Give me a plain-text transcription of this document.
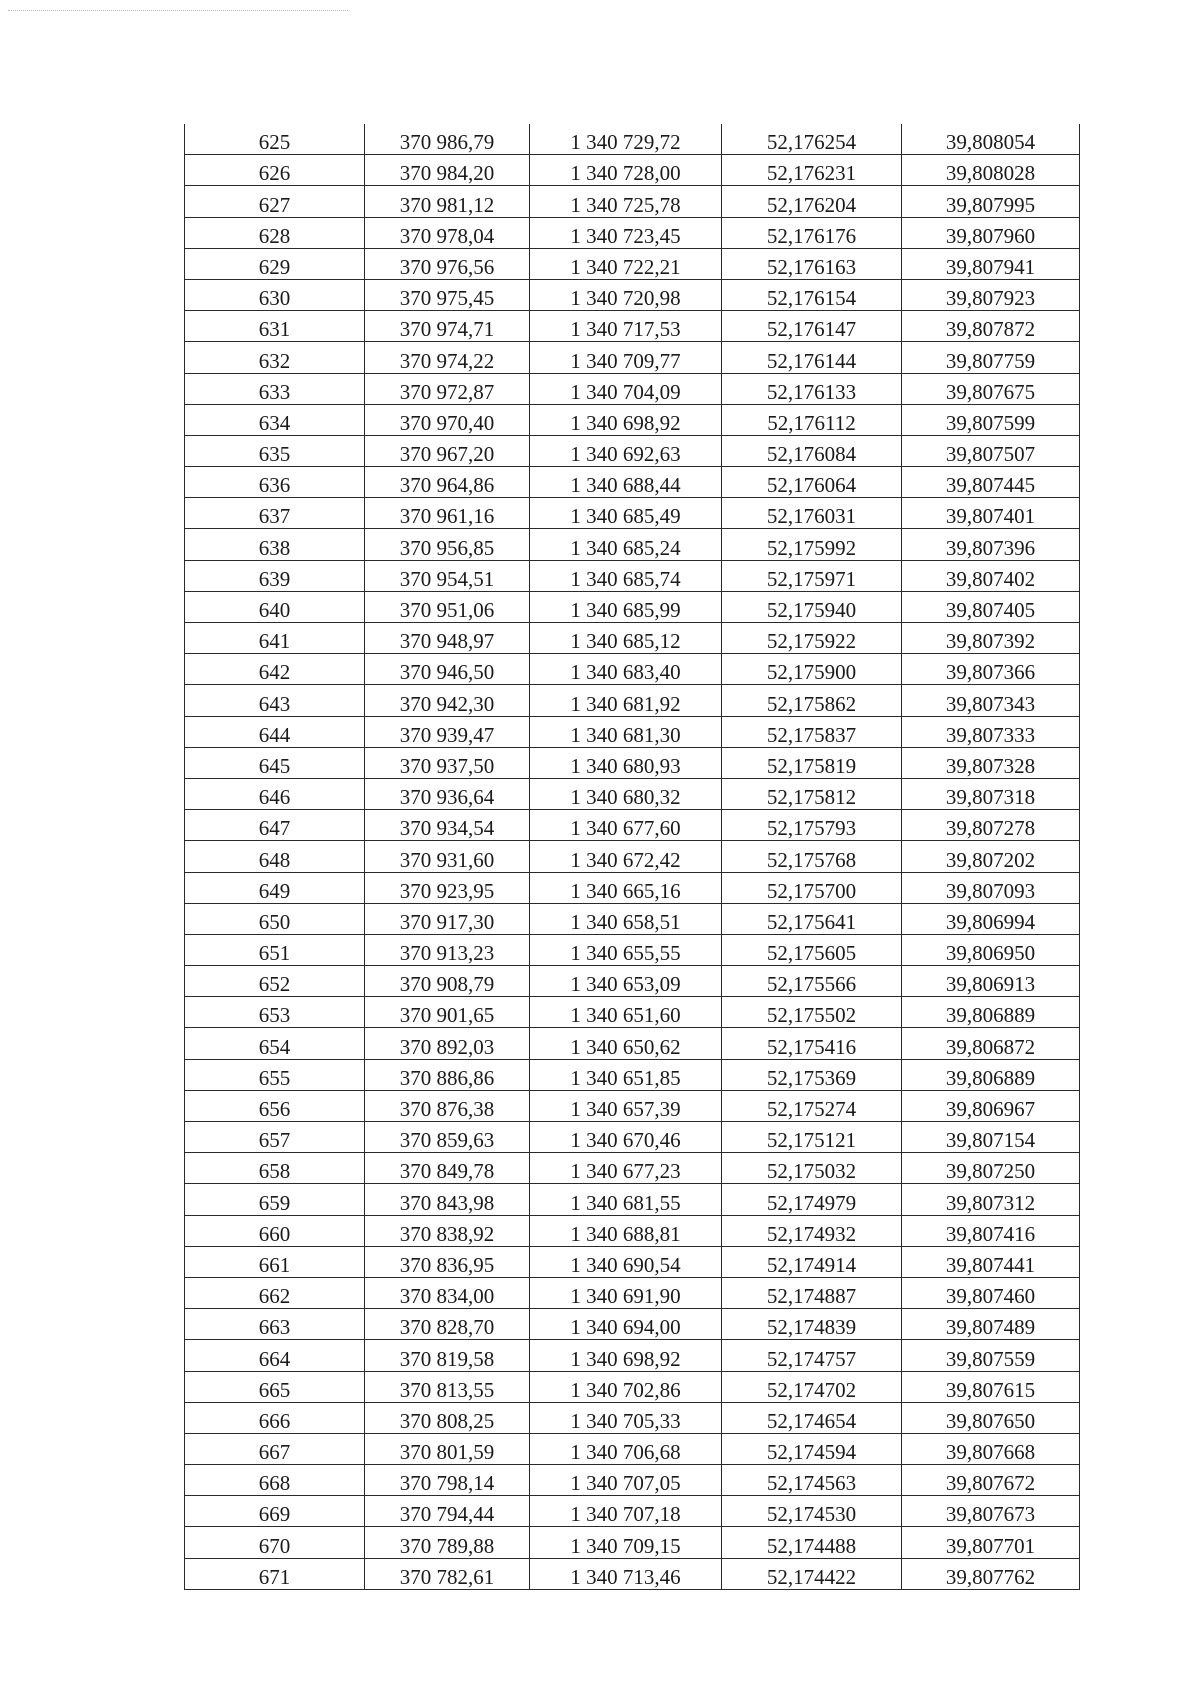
625	370 986,79	1 340 729,72	52,176254	39,808054
626	370 984,20	1 340 728,00	52,176231	39,808028
627	370 981,12	1 340 725,78	52,176204	39,807995
628	370 978,04	1 340 723,45	52,176176	39,807960
629	370 976,56	1 340 722,21	52,176163	39,807941
630	370 975,45	1 340 720,98	52,176154	39,807923
631	370 974,71	1 340 717,53	52,176147	39,807872
632	370 974,22	1 340 709,77	52,176144	39,807759
633	370 972,87	1 340 704,09	52,176133	39,807675
634	370 970,40	1 340 698,92	52,176112	39,807599
635	370 967,20	1 340 692,63	52,176084	39,807507
636	370 964,86	1 340 688,44	52,176064	39,807445
637	370 961,16	1 340 685,49	52,176031	39,807401
638	370 956,85	1 340 685,24	52,175992	39,807396
639	370 954,51	1 340 685,74	52,175971	39,807402
640	370 951,06	1 340 685,99	52,175940	39,807405
641	370 948,97	1 340 685,12	52,175922	39,807392
642	370 946,50	1 340 683,40	52,175900	39,807366
643	370 942,30	1 340 681,92	52,175862	39,807343
644	370 939,47	1 340 681,30	52,175837	39,807333
645	370 937,50	1 340 680,93	52,175819	39,807328
646	370 936,64	1 340 680,32	52,175812	39,807318
647	370 934,54	1 340 677,60	52,175793	39,807278
648	370 931,60	1 340 672,42	52,175768	39,807202
649	370 923,95	1 340 665,16	52,175700	39,807093
650	370 917,30	1 340 658,51	52,175641	39,806994
651	370 913,23	1 340 655,55	52,175605	39,806950
652	370 908,79	1 340 653,09	52,175566	39,806913
653	370 901,65	1 340 651,60	52,175502	39,806889
654	370 892,03	1 340 650,62	52,175416	39,806872
655	370 886,86	1 340 651,85	52,175369	39,806889
656	370 876,38	1 340 657,39	52,175274	39,806967
657	370 859,63	1 340 670,46	52,175121	39,807154
658	370 849,78	1 340 677,23	52,175032	39,807250
659	370 843,98	1 340 681,55	52,174979	39,807312
660	370 838,92	1 340 688,81	52,174932	39,807416
661	370 836,95	1 340 690,54	52,174914	39,807441
662	370 834,00	1 340 691,90	52,174887	39,807460
663	370 828,70	1 340 694,00	52,174839	39,807489
664	370 819,58	1 340 698,92	52,174757	39,807559
665	370 813,55	1 340 702,86	52,174702	39,807615
666	370 808,25	1 340 705,33	52,174654	39,807650
667	370 801,59	1 340 706,68	52,174594	39,807668
668	370 798,14	1 340 707,05	52,174563	39,807672
669	370 794,44	1 340 707,18	52,174530	39,807673
670	370 789,88	1 340 709,15	52,174488	39,807701
671	370 782,61	1 340 713,46	52,174422	39,807762
